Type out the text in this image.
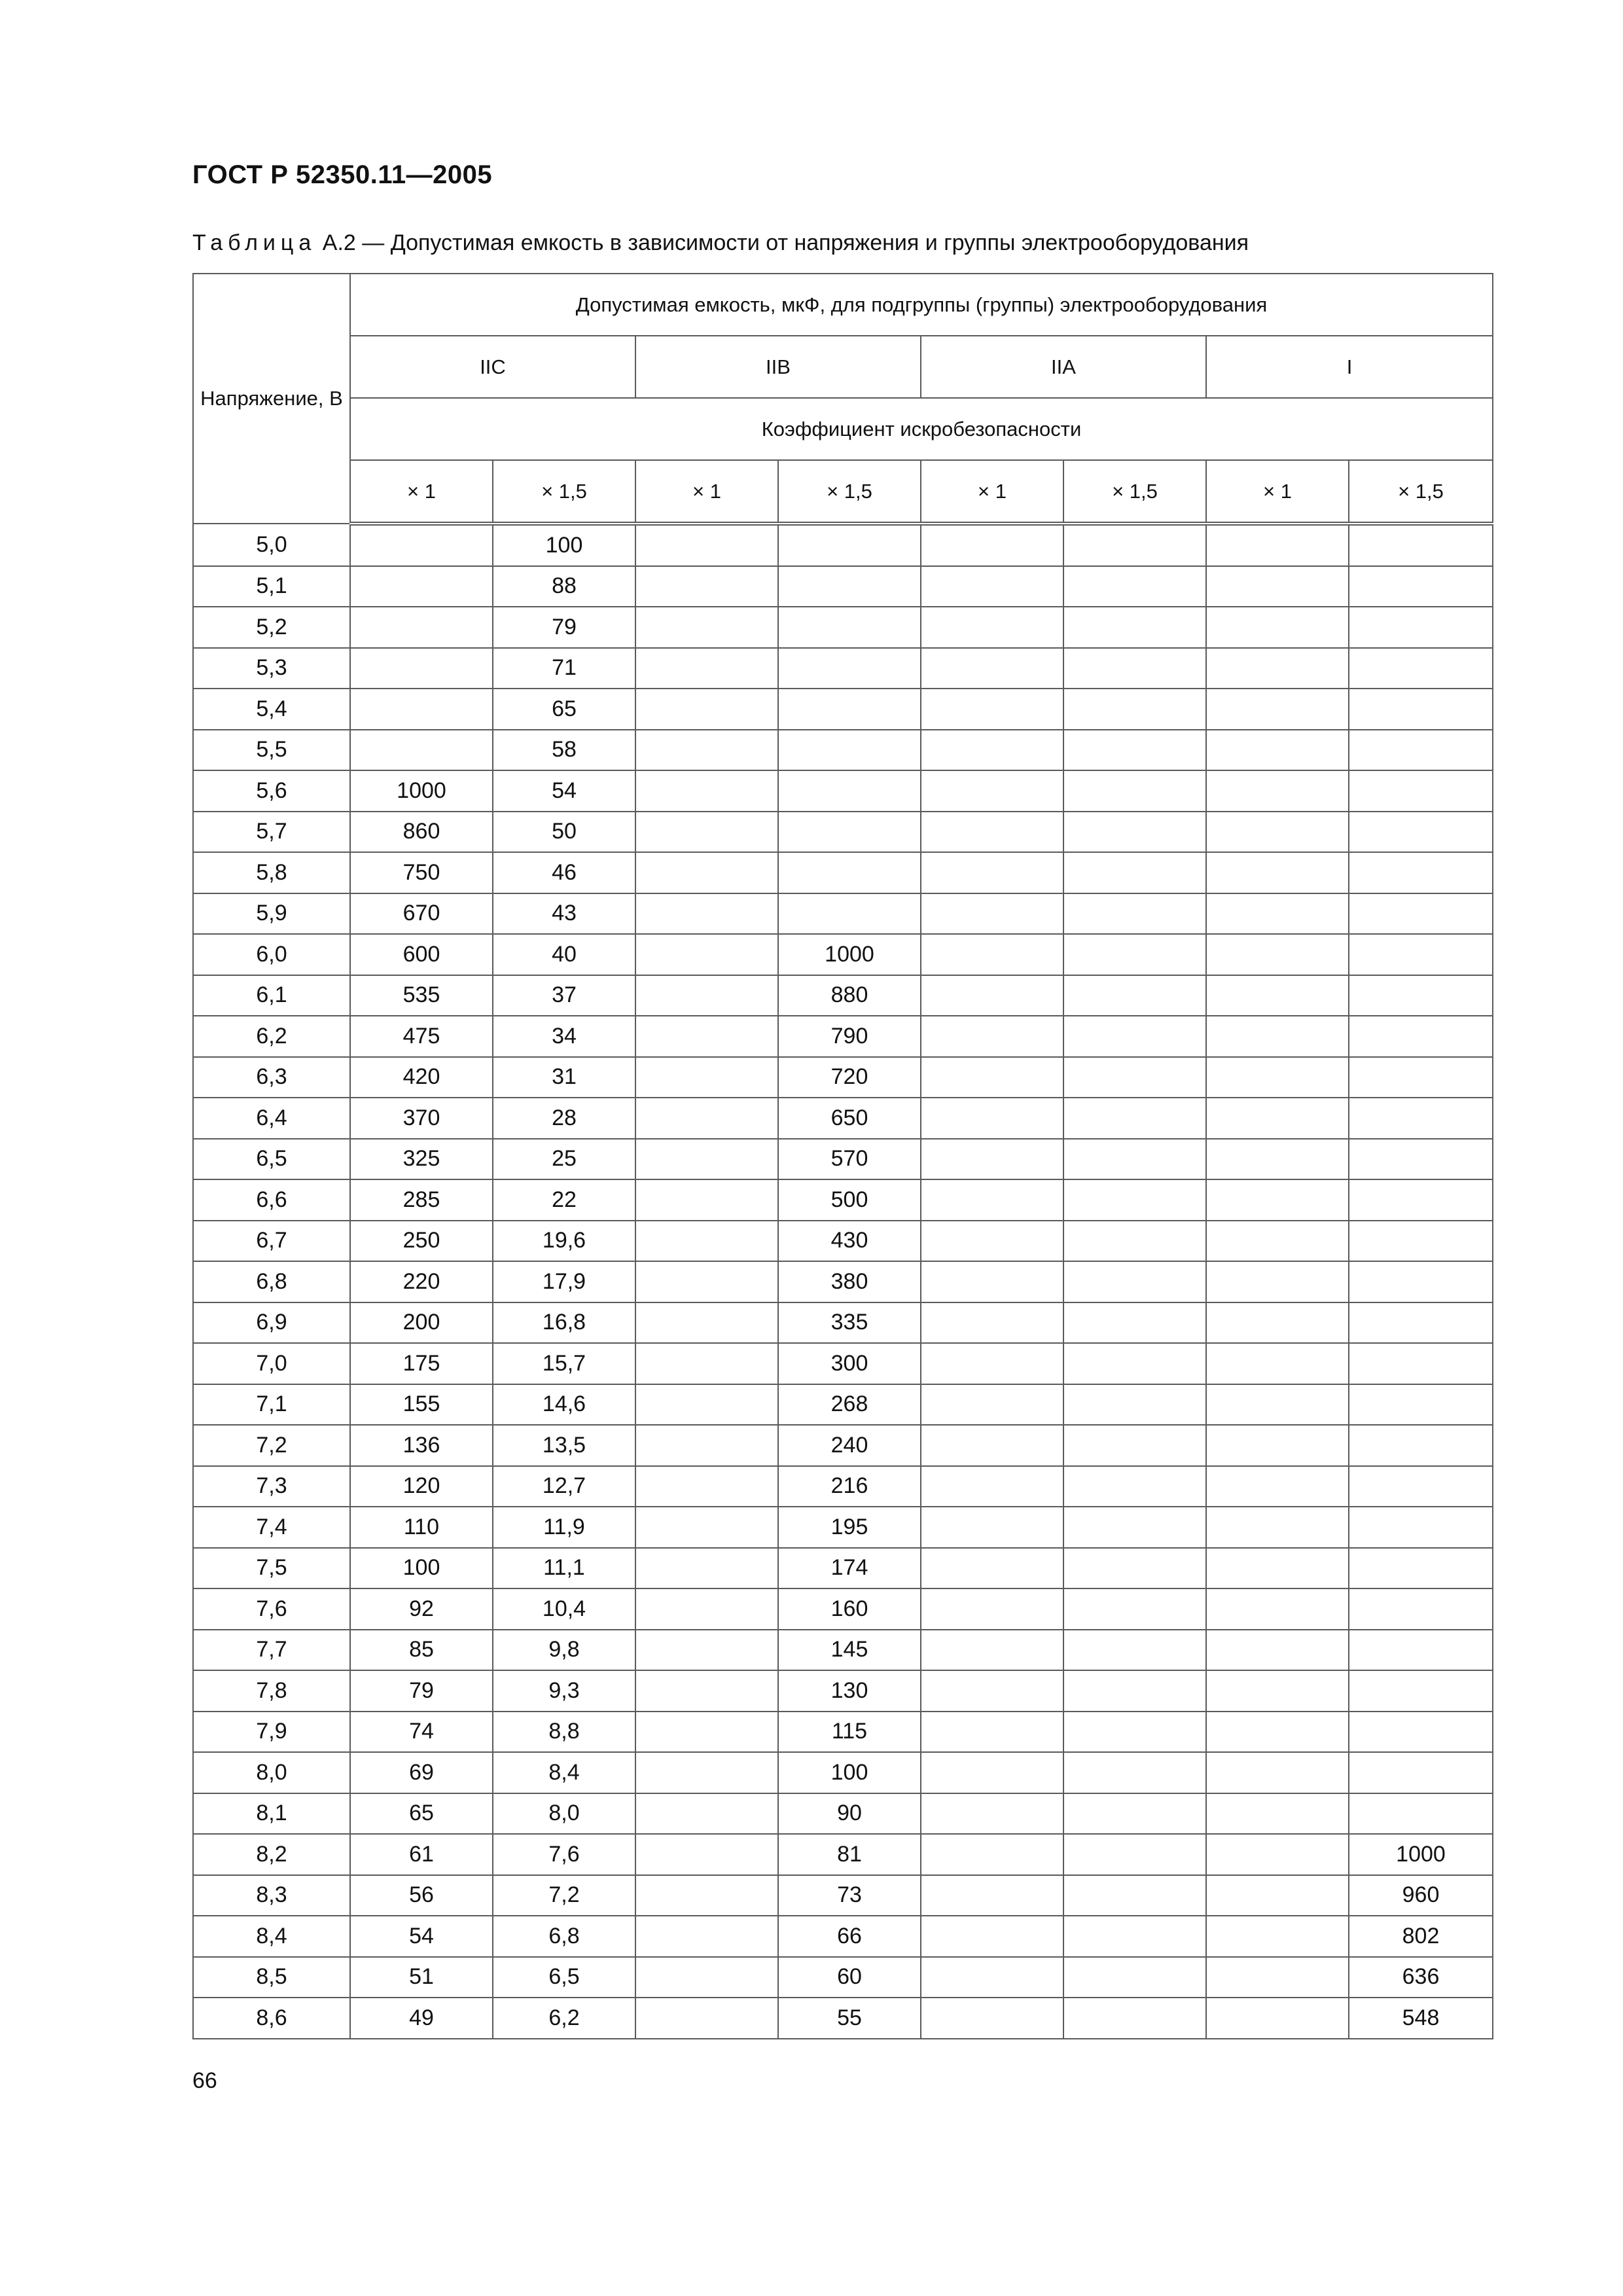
ГОСТ Р 52350.11—2005
Таблица А.2 — Допустимая емкость в зависимости от напряжения и группы электрооборудования
Напряжение, В	Допустимая емкость, мкФ, для подгруппы (группы) электрооборудования							
	IIC		IIB		IIA		I	
	Коэффициент искробезопасности							
	× 1	× 1,5	× 1	× 1,5	× 1	× 1,5	× 1	× 1,5
5,0		100						
5,1		88						
5,2		79						
5,3		71						
5,4		65						
5,5		58						
5,6	1000	54						
5,7	860	50						
5,8	750	46						
5,9	670	43						
6,0	600	40		1000				
6,1	535	37		880				
6,2	475	34		790				
6,3	420	31		720				
6,4	370	28		650				
6,5	325	25		570				
6,6	285	22		500				
6,7	250	19,6		430				
6,8	220	17,9		380				
6,9	200	16,8		335				
7,0	175	15,7		300				
7,1	155	14,6		268				
7,2	136	13,5		240				
7,3	120	12,7		216				
7,4	110	11,9		195				
7,5	100	11,1		174				
7,6	92	10,4		160				
7,7	85	9,8		145				
7,8	79	9,3		130				
7,9	74	8,8		115				
8,0	69	8,4		100				
8,1	65	8,0		90				
8,2	61	7,6		81				1000
8,3	56	7,2		73				960
8,4	54	6,8		66				802
8,5	51	6,5		60				636
8,6	49	6,2		55				548
66
